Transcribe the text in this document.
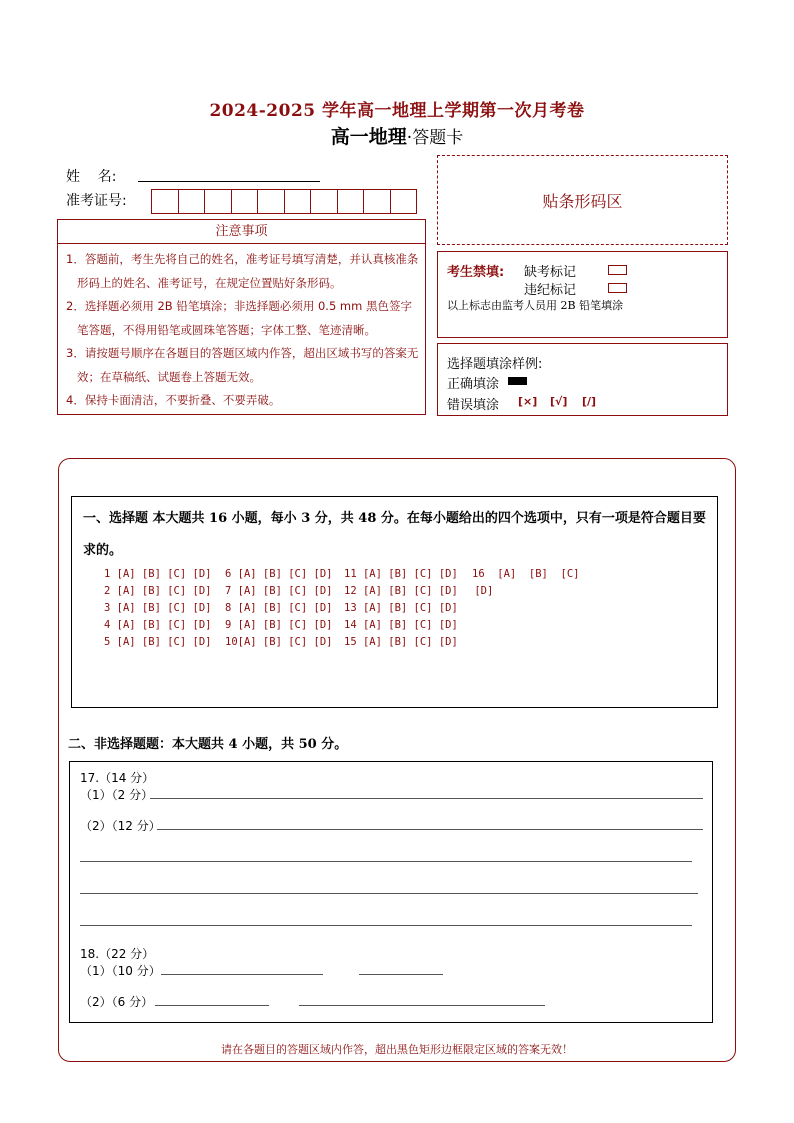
2024-2025 学年高一地理上学期第一次月考卷
高一地理·答题卡
姓    名:
准考证号:
注意事项
1．答题前，考生先将自己的姓名，准考证号填写清楚，并认真核准条形码上的姓名、准考证号，在规定位置贴好条形码。
2．选择题必须用 2B 铅笔填涂；非选择题必须用 0.5 mm 黑色签字笔答题，不得用铅笔或圆珠笔答题；字体工整、笔迹清晰。
3．请按题号顺序在各题目的答题区域内作答，超出区域书写的答案无效；在草稿纸、试题卷上答题无效。
4．保持卡面清洁，不要折叠、不要弄破。
贴条形码区
考生禁填: 缺考标记
违纪标记
以上标志由监考人员用 2B 铅笔填涂
选择题填涂样例:
正确填涂
错误填涂 [×] [√] [/]
一、选择题 本大题共 16 小题，每小 3 分，共 48 分。在每小题给出的四个选项中，只有一项是符合题目要求的。
1 [A] [B] [C] [D] 6 [A] [B] [C] [D] 11 [A] [B] [C] [D] 16  [A]  [B]  [C]
2 [A] [B] [C] [D] 7 [A] [B] [C] [D] 12 [A] [B] [C] [D] [D]
3 [A] [B] [C] [D] 8 [A] [B] [C] [D] 13 [A] [B] [C] [D]
4 [A] [B] [C] [D] 9 [A] [B] [C] [D] 14 [A] [B] [C] [D]
5 [A] [B] [C] [D] 10[A] [B] [C] [D] 15 [A] [B] [C] [D]
二、非选择题题：本大题共 4 小题，共 50 分。
17.（14 分）
（1）（2 分）
（2）（12 分）
18.（22 分）
（1）（10 分）
（2）（6 分）
请在各题目的答题区域内作答，超出黑色矩形边框限定区域的答案无效！
